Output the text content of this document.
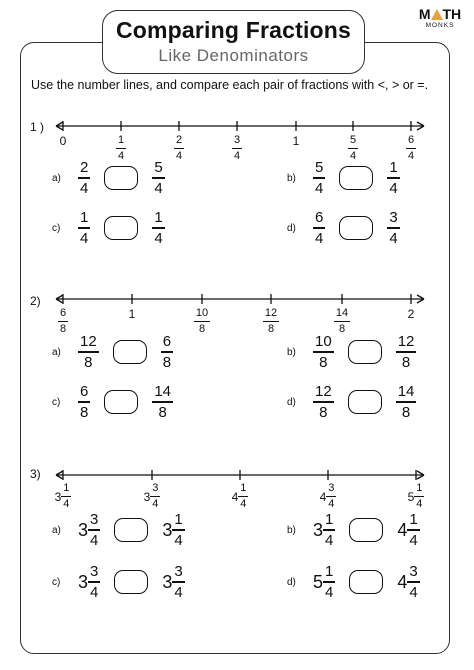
Comparing Fractions
Like Denominators
M TH
MONKS
Use the number lines, and compare each pair of fractions with <, > or =.
1 )
0	$\frac{1}{4}$	$\frac{2}{4}$	$\frac{3}{4}$	1	$\frac{5}{4}$	$\frac{6}{4}$
a)	$\frac{2}{4}$	$\frac{5}{4}$	b)	$\frac{5}{4}$	$\frac{1}{4}$
c)	$\frac{1}{4}$	$\frac{1}{4}$	d)	$\frac{6}{4}$	$\frac{3}{4}$
2)
$\frac{6}{8}$	1	$\frac{10}{8}$	$\frac{12}{8}$	$\frac{14}{8}$	2
a)	$\frac{12}{8}$	$\frac{6}{8}$	b)	$\frac{10}{8}$	$\frac{12}{8}$
c)	$\frac{6}{8}$	$\frac{14}{8}$	d)	$\frac{12}{8}$	$\frac{14}{8}$
3)
$3 \frac{1}{4}$	$3 \frac{3}{4}$	$4 \frac{1}{4}$	$4 \frac{3}{4}$	$5 \frac{1}{4}$
a) $3 \frac{3}{4}$	$3 \frac{1}{4}$	b) $3 \frac{1}{4}$	$4 \frac{1}{4}$
c) $3 \frac{3}{4}$	$3 \frac{3}{4}$	d) $5 \frac{1}{4}$	$4 \frac{3}{4}$
